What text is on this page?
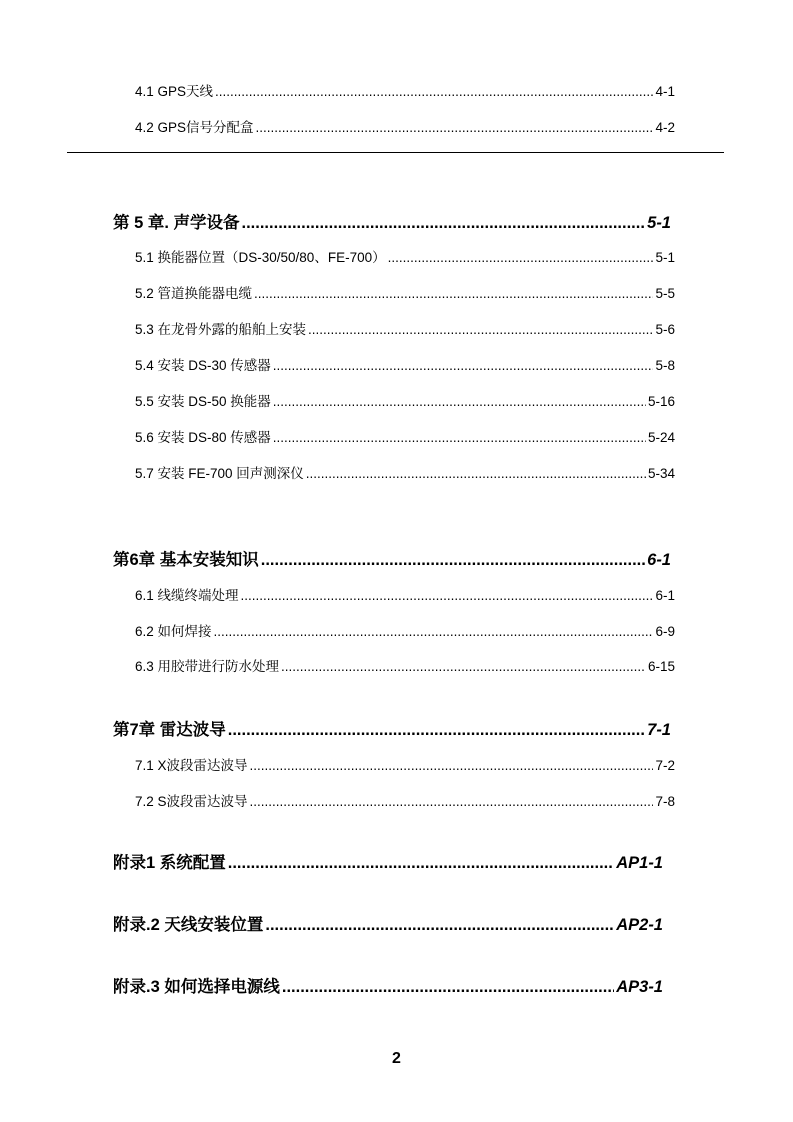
4.1 GPS天线 .....	4-1
4.2 GPS信号分配盒 .....	4-2
第 5 章. 声学设备 .....	5-1
5.1 换能器位置（DS-30/50/80、FE-700） .....	5-1
5.2 管道换能器电缆 .....	5-5
5.3 在龙骨外露的船舶上安装 .....	5-6
5.4 安装 DS-30 传感器 .....	5-8
5.5 安装 DS-50 换能器 .....	5-16
5.6 安装 DS-80 传感器 .....	5-24
5.7 安装 FE-700 回声测深仪 .....	5-34
第6章 基本安装知识 .....	6-1
6.1 线缆终端处理 .....	6-1
6.2 如何焊接 .....	6-9
6.3 用胶带进行防水处理 .....	6-15
第7章 雷达波导 .....	7-1
7.1 X波段雷达波导 .....	7-2
7.2 S波段雷达波导 .....	7-8
附录1 系统配置 .....	AP1-1
附录.2 天线安装位置 .....	AP2-1
附录.3 如何选择电源线 .....	AP3-1
2
